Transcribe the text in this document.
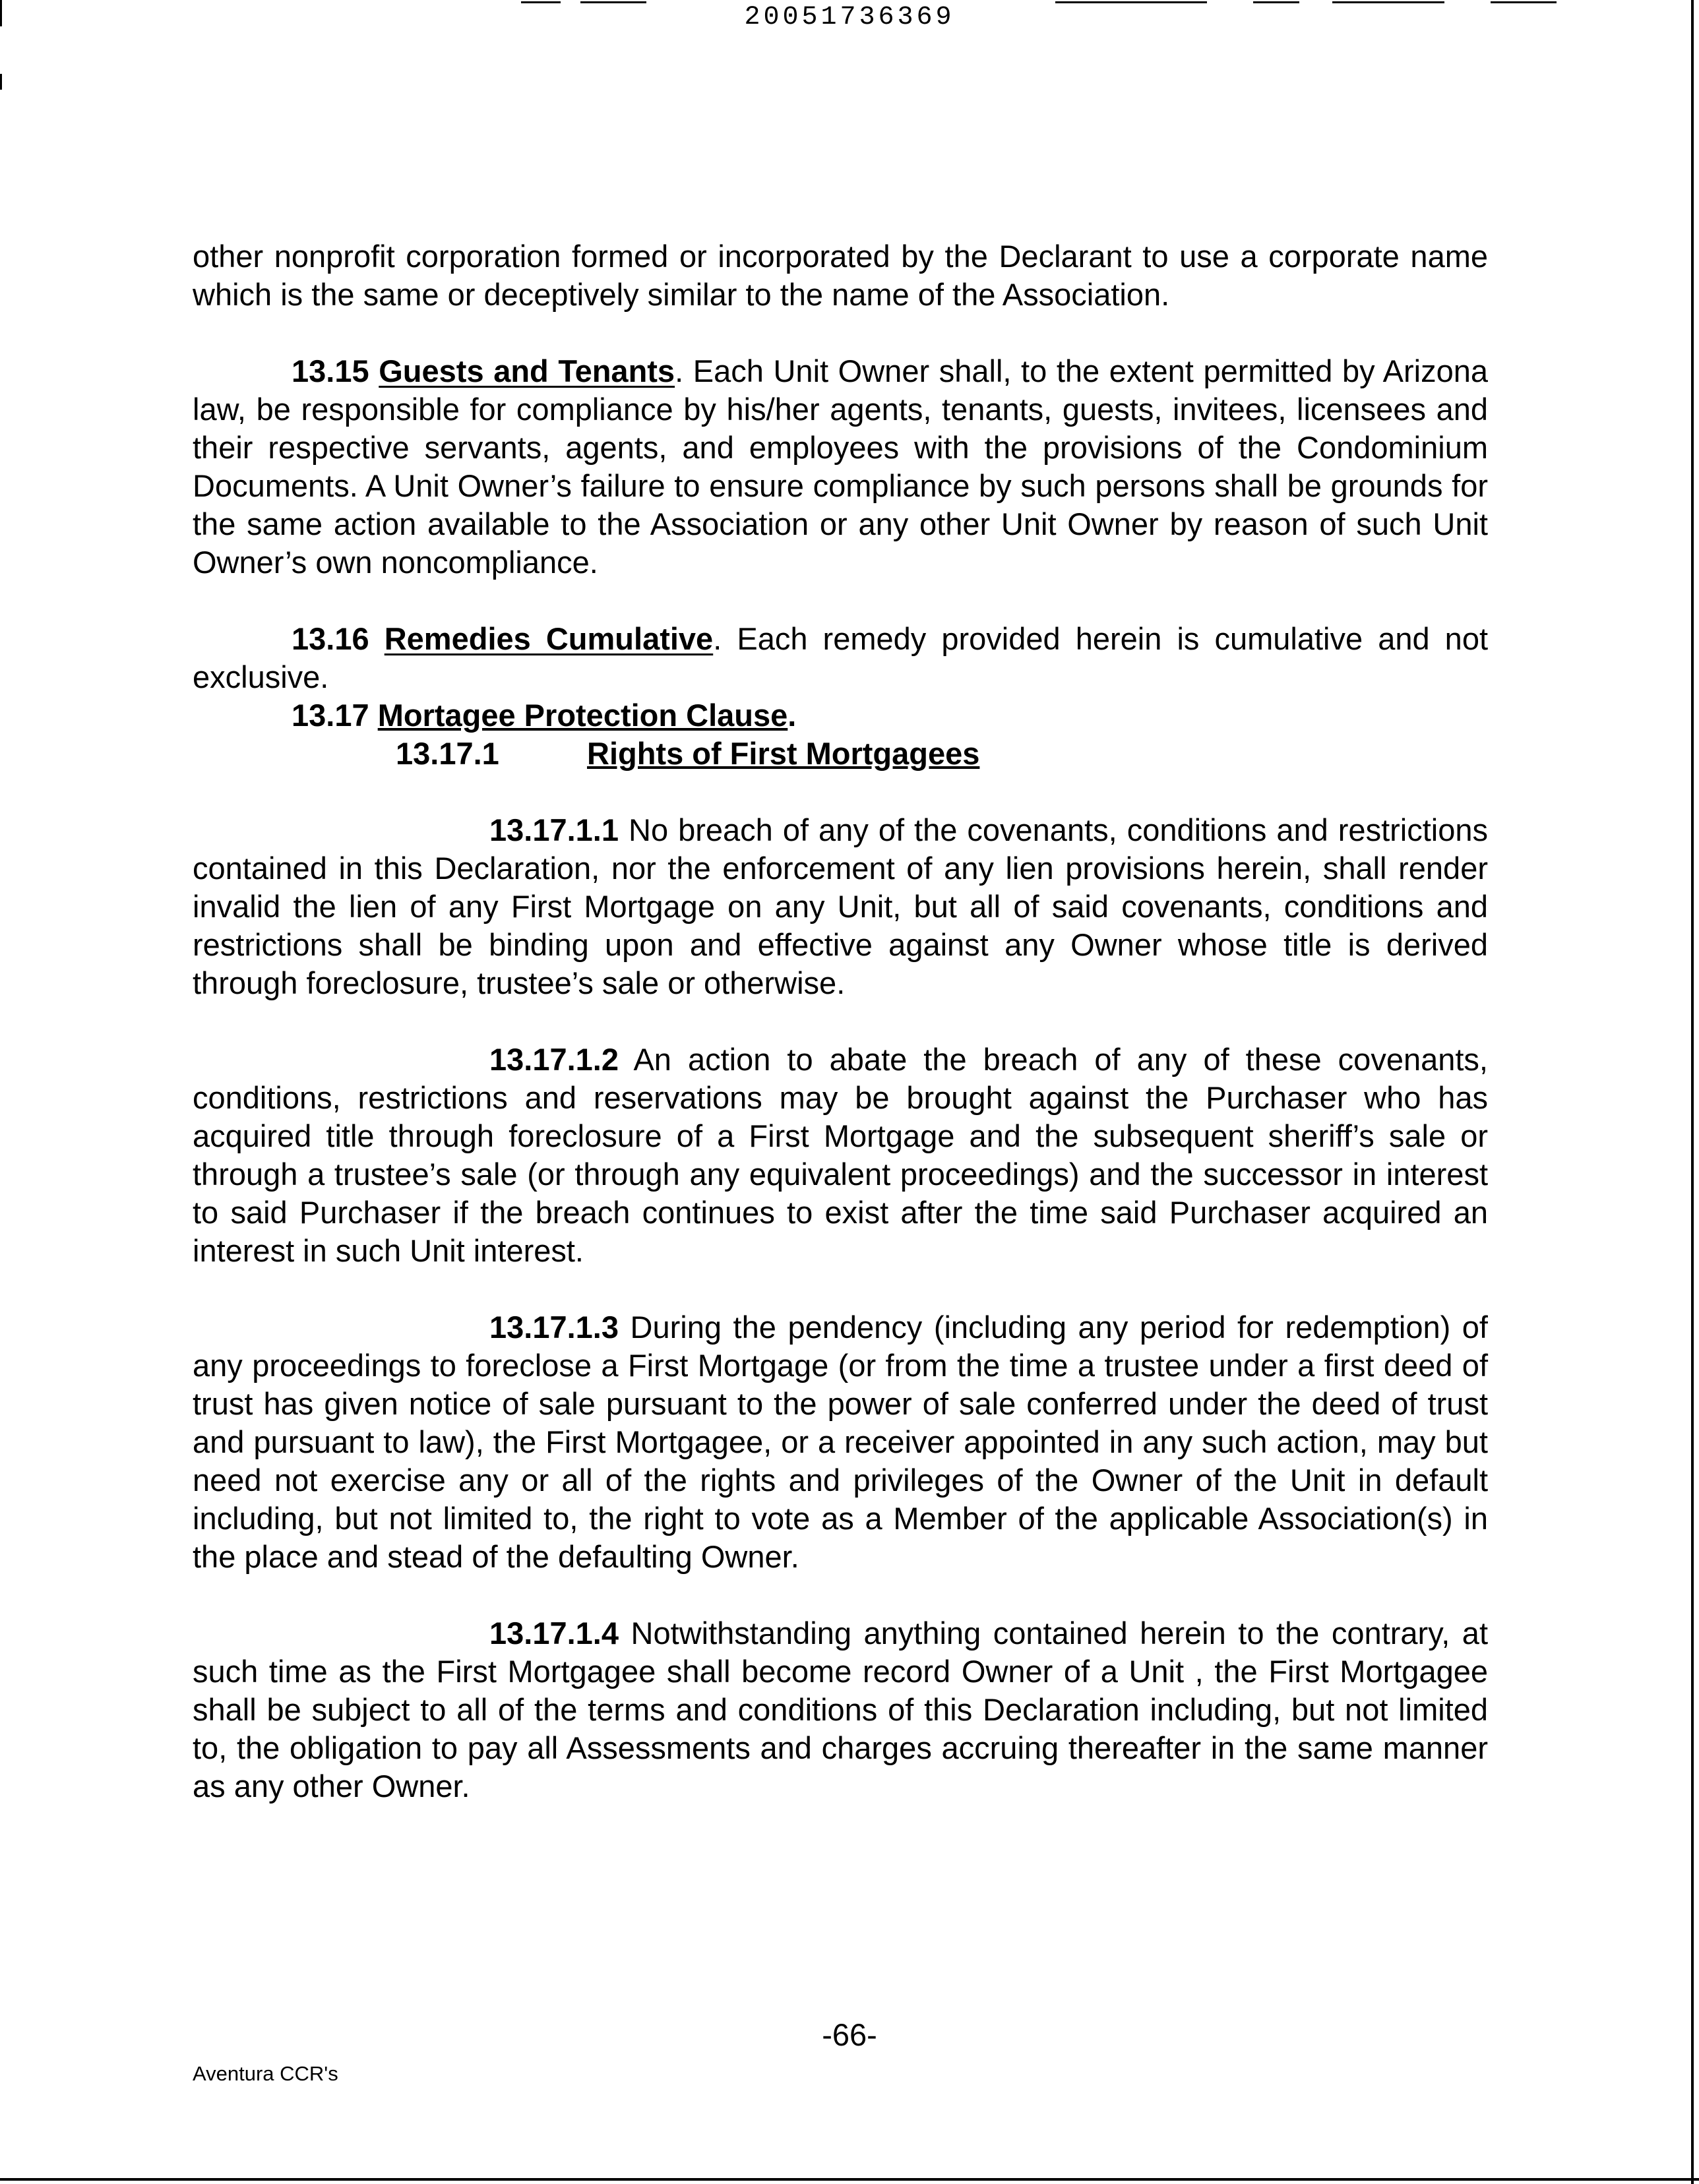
20051736369

other nonprofit corporation formed or incorporated by the Declarant to use a corporate name which is the same or deceptively similar to the name of the Association.

13.15 Guests and Tenants. Each Unit Owner shall, to the extent permitted by Arizona law, be responsible for compliance by his/her agents, tenants, guests, invitees, licensees and their respective servants, agents, and employees with the provisions of the Condominium Documents. A Unit Owner’s failure to ensure compliance by such persons shall be grounds for the same action available to the Association or any other Unit Owner by reason of such Unit Owner’s own noncompliance.

13.16 Remedies Cumulative. Each remedy provided herein is cumulative and not exclusive.

13.17 Mortagee Protection Clause.

13.17.1	Rights of First Mortgagees

13.17.1.1 No breach of any of the covenants, conditions and restrictions contained in this Declaration, nor the enforcement of any lien provisions herein, shall render invalid the lien of any First Mortgage on any Unit, but all of said covenants, conditions and restrictions shall be binding upon and effective against any Owner whose title is derived through foreclosure, trustee’s sale or otherwise.

13.17.1.2 An action to abate the breach of any of these covenants, conditions, restrictions and reservations may be brought against the Purchaser who has acquired title through foreclosure of a First Mortgage and the subsequent sheriff’s sale or through a trustee’s sale (or through any equivalent proceedings) and the successor in interest to said Purchaser if the breach continues to exist after the time said Purchaser acquired an interest in such Unit interest.

13.17.1.3 During the pendency (including any period for redemption) of any proceedings to foreclose a First Mortgage (or from the time a trustee under a first deed of trust has given notice of sale pursuant to the power of sale conferred under the deed of trust and pursuant to law), the First Mortgagee, or a receiver appointed in any such action, may but need not exercise any or all of the rights and privileges of the Owner of the Unit in default including, but not limited to, the right to vote as a Member of the applicable Association(s) in the place and stead of the defaulting Owner.

13.17.1.4 Notwithstanding anything contained herein to the contrary, at such time as the First Mortgagee shall become record Owner of a Unit , the First Mortgagee shall be subject to all of the terms and conditions of this Declaration including, but not limited to, the obligation to pay all Assessments and charges accruing thereafter in the same manner as any other Owner.

-66-
Aventura CCR's
